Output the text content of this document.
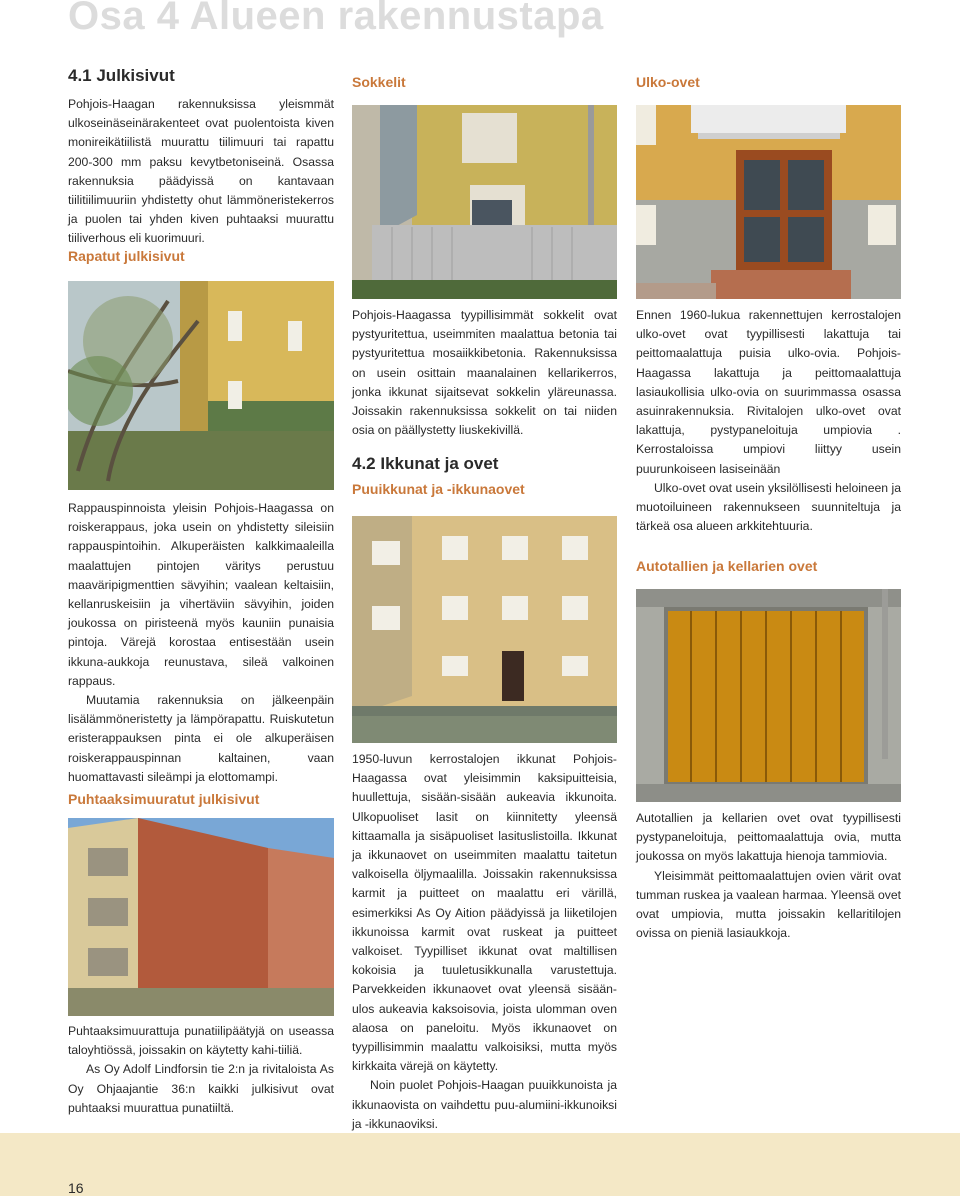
Osa 4 Alueen rakennustapa
4.1 Julkisivut

Pohjois-Haagan rakennuksissa yleismmät ulkoseinäseinärakenteet ovat puolentoista kiven monireikätiilistä muurattu tiilimuuri tai rapattu 200-300 mm paksu kevytbetoniseinä. Osassa rakennuksia päädyissä on kantavaan tiilitiilimuuriin yhdistetty ohut lämmöneristekerros ja puolen tai yhden kiven puhtaaksi muurattu tiiliverhous eli kuorimuuri.

Rapatut julkisivut

Rappauspinnoista yleisin Pohjois-Haagassa on roiskerappaus, joka usein on yhdistetty sileisiin rappauspintoihin. Alkuperäisten kalkkimaaleilla maalattujen pintojen väritys perustuu maaväripigmenttien sävyihin; vaalean keltaisiin, kellanruskeisiin ja vihertäviin sävyihin, joiden joukossa on piristeenä myös kauniin punaisia pintoja. Värejä korostaa entisestään usein ikkuna-aukkoja reunustava, sileä valkoinen rappaus.

Muutamia rakennuksia on jälkeenpäin lisälämmöneristetty ja lämpörapattu. Ruiskutetun eristerappauksen pinta ei ole alkuperäisen roiskerappauspinnan kaltainen, vaan huomattavasti sileämpi ja elottomampi.

Puhtaaksimuuratut julkisivut

Puhtaaksimuurattuja punatiilipäätyjä on useassa taloyhtiössä, joissakin on käytetty kahi-tiiliä.

As Oy Adolf Lindforsin tie 2:n ja rivitaloista As Oy Ohjaajantie 36:n kaikki julkisivut ovat puhtaaksi muurattua punatiiltä.

Sokkelit

Pohjois-Haagassa tyypillisimmät sokkelit ovat pystyuritettua, useimmiten maalattua betonia tai pystyuritettua mosaiikkibetonia. Rakennuksissa on usein osittain maanalainen kellarikerros, jonka ikkunat sijaitsevat sokkelin yläreunassa. Joissakin rakennuksissa sokkelit on tai niiden osia on päällystetty liuskekivillä.

4.2 Ikkunat ja ovet
Puuikkunat ja -ikkunaovet

1950-luvun kerrostalojen ikkunat Pohjois-Haagassa ovat yleisimmin kaksipuitteisia, huullettuja, sisään-sisään aukeavia ikkunoita. Ulkopuoliset lasit on kiinnitetty yleensä kittaamalla ja sisäpuoliset lasituslistoilla. Ikkunat ja ikkunaovet on useimmiten maalattu taitetun valkoisella öljymaalilla. Joissakin rakennuksissa karmit ja puitteet on maalattu eri värillä, esimerkiksi As Oy Aition päädyissä ja liiketilojen ikkunoissa karmit ovat ruskeat ja puitteet valkoiset. Tyypilliset ikkunat ovat maltillisen kokoisia ja tuuletusikkunalla varustettuja. Parvekkeiden ikkunaovet ovat yleensä sisään-ulos aukeavia kaksoisovia, joista ulomman oven alaosa on paneloitu. Myös ikkunaovet on tyypillisimmin maalattu valkoisiksi, mutta myös kirkkaita värejä on käytetty.

Noin puolet Pohjois-Haagan puuikkunoista ja ikkunaovista on vaihdettu puu-alumiini-ikkunoiksi ja -ikkunaoviksi.

Ulko-ovet

Ennen 1960-lukua rakennettujen kerrostalojen ulko-ovet ovat tyypillisesti lakattuja tai peittomaalattuja puisia ulko-ovia. Pohjois-Haagassa lakattuja ja peittomaalattuja lasiaukollisia ulko-ovia on suurimmassa osassa asuinrakennuksia. Rivitalojen ulko-ovet ovat lakattuja, pystypaneloituja umpiovia . Kerrostaloissa umpiovi liittyy usein puurunkoiseen lasiseinään

Ulko-ovet ovat usein yksilöllisesti heloineen ja muotoiluineen rakennukseen suunniteltuja ja tärkeä osa alueen arkkitehtuuria.

Autotallien ja kellarien ovet

Autotallien ja kellarien ovet ovat tyypillisesti pystypaneloituja, peittomaalattuja ovia, mutta joukossa on myös lakattuja hienoja tammiovia.

Yleisimmät peittomaalattujen ovien värit ovat tumman ruskea ja vaalean harmaa. Yleensä ovet ovat umpiovia, mutta joissakin kellaritilojen ovissa on pieniä lasiaukkoja.

16
